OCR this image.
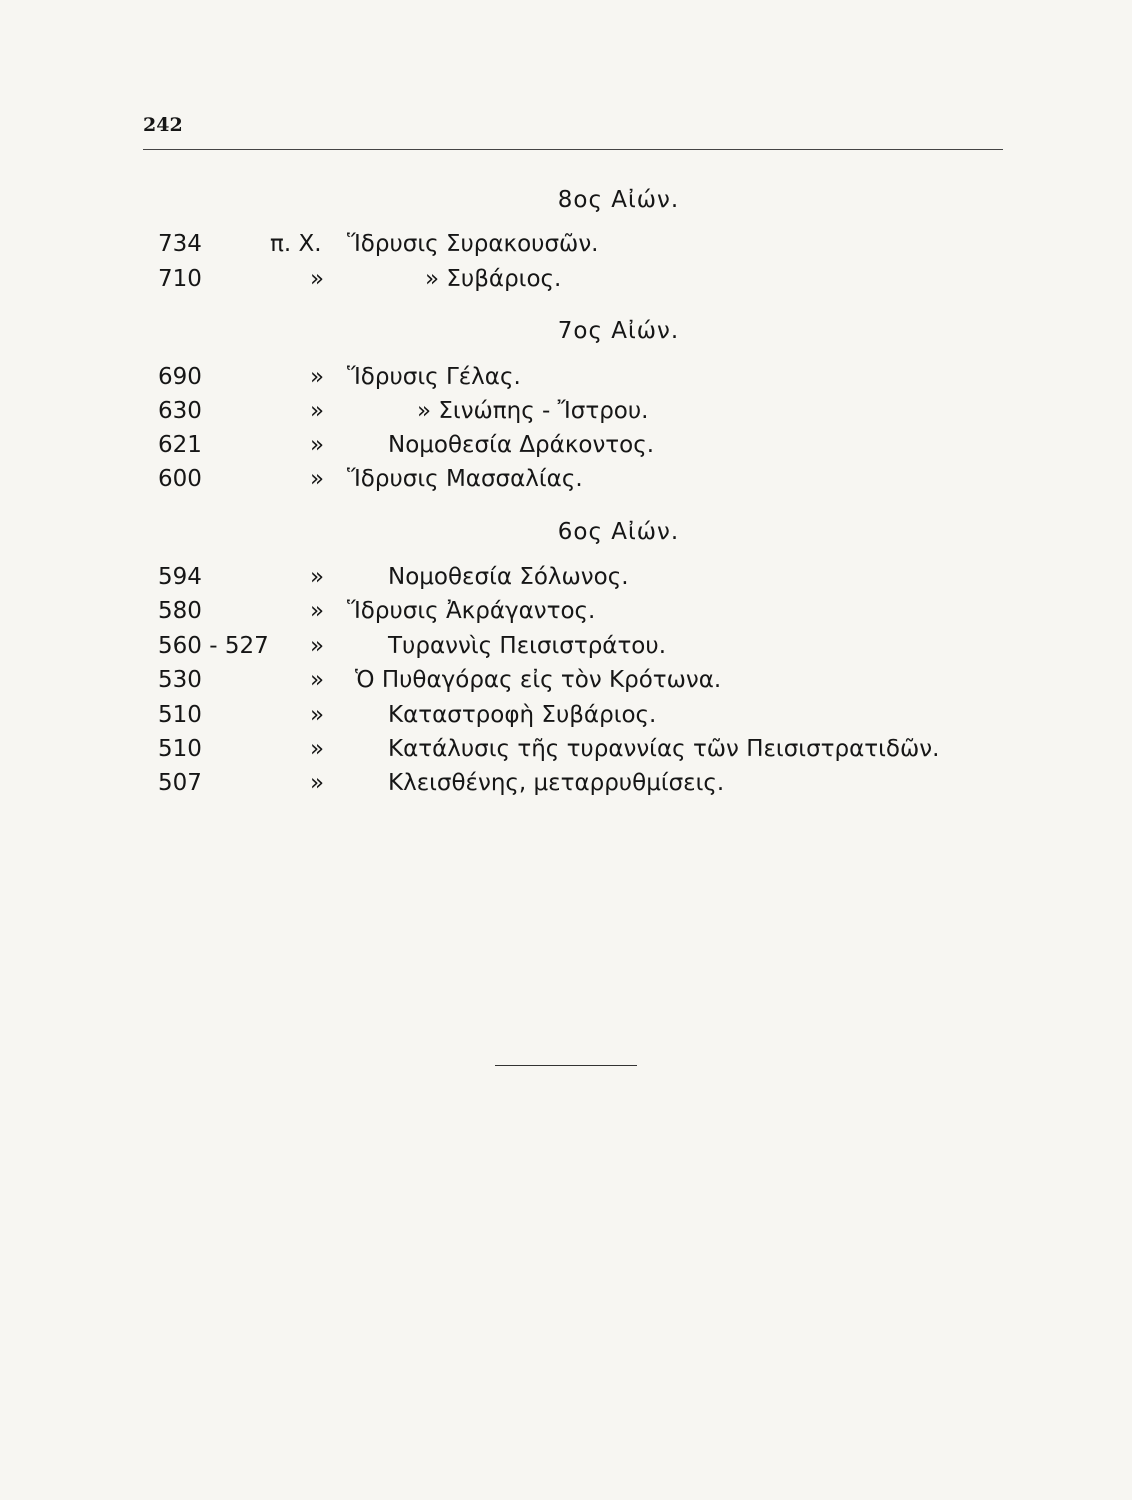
242
8ος Αἰών.
734	π. Χ. Ἵδρυσις Συρακουσῶν.
710	»	» Συβάριος.
7ος Αἰών.
690	» Ἵδρυσις Γέλας.
630	»	» Σινώπης - Ἴστρου.
621	»	Νομοθεσία Δράκοντος.
600	» Ἵδρυσις Μασσαλίας.
6ος Αἰών.
594	»	Νομοθεσία Σόλωνος.
580	» Ἵδρυσις Ἀκράγαντος.
560 - 527 »	Τυραννὶς Πεισιστράτου.
530	» Ὁ Πυθαγόρας εἰς τὸν Κρότωνα.
510	»	Καταστροφὴ Συβάριος.
510	»	Κατάλυσις τῆς τυραννίας τῶν Πεισιστρατιδῶν.
507	»	Κλεισθένης, μεταρρυθμίσεις.
